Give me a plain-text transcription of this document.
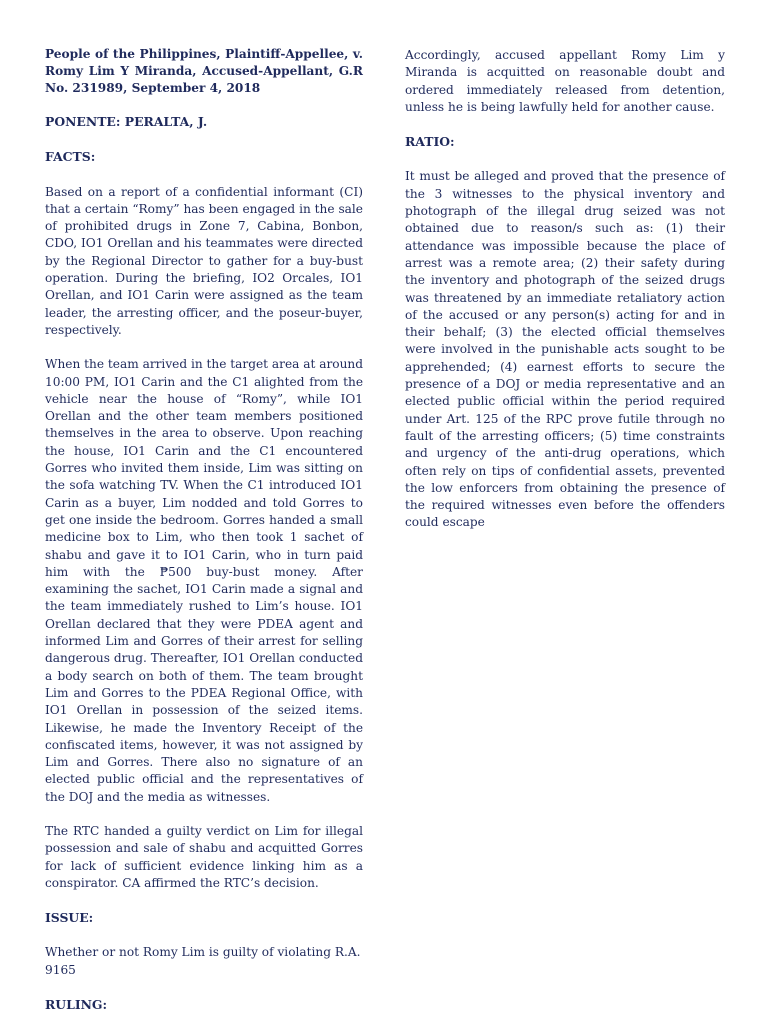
People of the Philippines, Plaintiff-Appellee, v. Romy Lim Y Miranda, Accused-Appellant, G.R No. 231989, September 4, 2018

PONENTE: PERALTA, J.

FACTS:

Based on a report of a confidential informant (CI) that a certain “Romy” has been engaged in the sale of prohibited drugs in Zone 7, Cabina, Bonbon, CDO, IO1 Orellan and his teammates were directed by the Regional Director to gather for a buy-bust operation. During the briefing, IO2 Orcales, IO1 Orellan, and IO1 Carin were assigned as the team leader, the arresting officer, and the poseur-buyer, respectively.

When the team arrived in the target area at around 10:00 PM, IO1 Carin and the C1 alighted from the vehicle near the house of “Romy”, while IO1 Orellan and the other team members positioned themselves in the area to observe. Upon reaching the house, IO1 Carin and the C1 encountered Gorres who invited them inside, Lim was sitting on the sofa watching TV. When the C1 introduced IO1 Carin as a buyer, Lim nodded and told Gorres to get one inside the bedroom. Gorres handed a small medicine box to Lim, who then took 1 sachet of shabu and gave it to IO1 Carin, who in turn paid him with the ₱500 buy-bust money. After examining the sachet, IO1 Carin made a signal and the team immediately rushed to Lim’s house. IO1 Orellan declared that they were PDEA agent and informed Lim and Gorres of their arrest for selling dangerous drug. Thereafter, IO1 Orellan conducted a body search on both of them. The team brought Lim and Gorres to the PDEA Regional Office, with IO1 Orellan in possession of the seized items. Likewise, he made the Inventory Receipt of the confiscated items, however, it was not assigned by Lim and Gorres. There also no signature of an elected public official and the representatives of the DOJ and the media as witnesses.

The RTC handed a guilty verdict on Lim for illegal possession and sale of shabu and acquitted Gorres for lack of sufficient evidence linking him as a conspirator. CA affirmed the RTC’s decision.

ISSUE:

Whether or not Romy Lim is guilty of violating R.A. 9165

RULING:

Accordingly, accused appellant Romy Lim y Miranda is acquitted on reasonable doubt and ordered immediately released from detention, unless he is being lawfully held for another cause.

RATIO:

It must be alleged and proved that the presence of the 3 witnesses to the physical inventory and photograph of the illegal drug seized was not obtained due to reason/s such as: (1) their attendance was impossible because the place of arrest was a remote area; (2) their safety during the inventory and photograph of the seized drugs was threatened by an immediate retaliatory action of the accused or any person(s) acting for and in their behalf; (3) the elected official themselves were involved in the punishable acts sought to be apprehended; (4) earnest efforts to secure the presence of a DOJ or media representative and an elected public official within the period required under Art. 125 of the RPC prove futile through no fault of the arresting officers; (5) time constraints and urgency of the anti-drug operations, which often rely on tips of confidential assets, prevented the low enforcers from obtaining the presence of the required witnesses even before the offenders could escape
